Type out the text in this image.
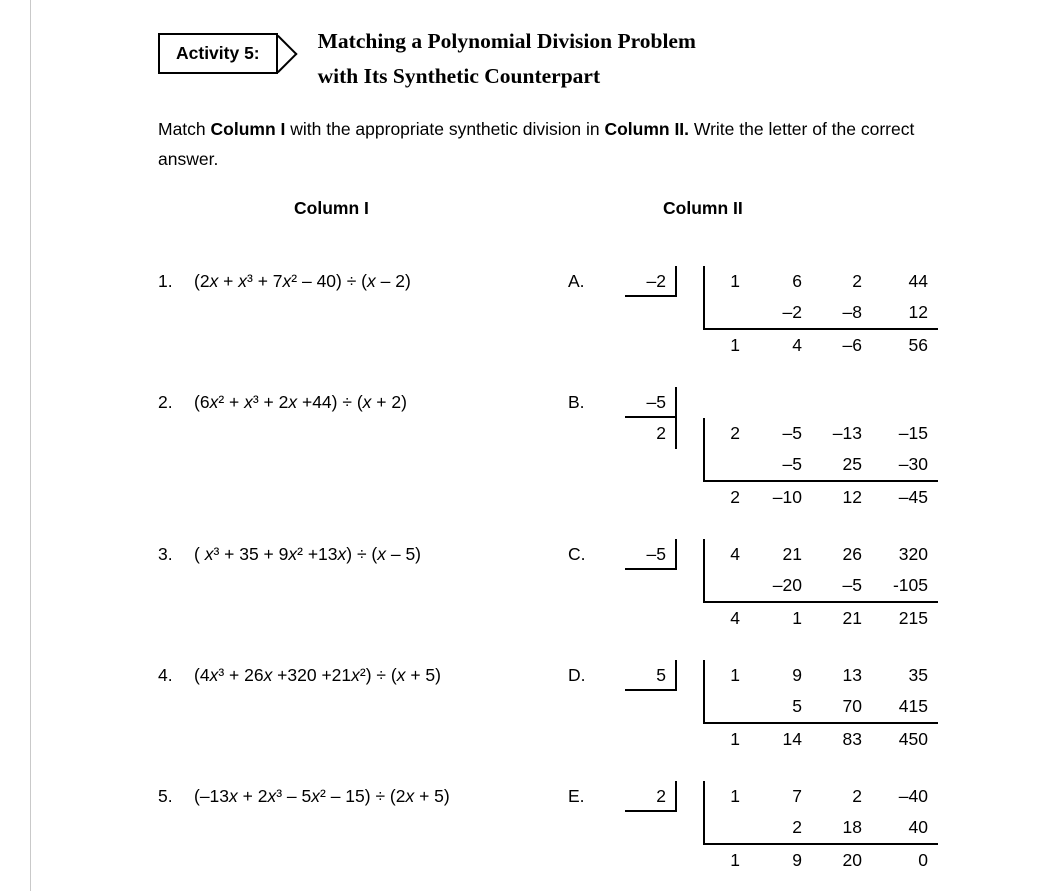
Activity 5:	Matching a Polynomial Division Problem
with Its Synthetic Counterpart

Match Column I with the appropriate synthetic division in Column II. Write the letter of the correct answer.

Column I	Column II
1.	(2x + x³ + 7x² – 40) ÷ (x – 2)	A.	–2	1	6	2	44
	–2	–8	12
1	4	–6	56
2.	(6x² + x³ + 2x +44) ÷ (x + 2)	B.	–5
2	2	–5	–13	–15
	–5	25	–30
2	–10	12	–45
3.	( x³ + 35 + 9x² +13x) ÷ (x – 5)	C.	–5	4	21	26	320
	–20	–5	-105
4	1	21	215
4.	(4x³ + 26x +320 +21x²) ÷ (x + 5)	D.	5	1	9	13	35
	5	70	415
1	14	83	450
5.	(–13x + 2x³ – 5x² – 15) ÷ (2x + 5)	E.	2	1	7	2	–40
	2	18	40
1	9	20	0
